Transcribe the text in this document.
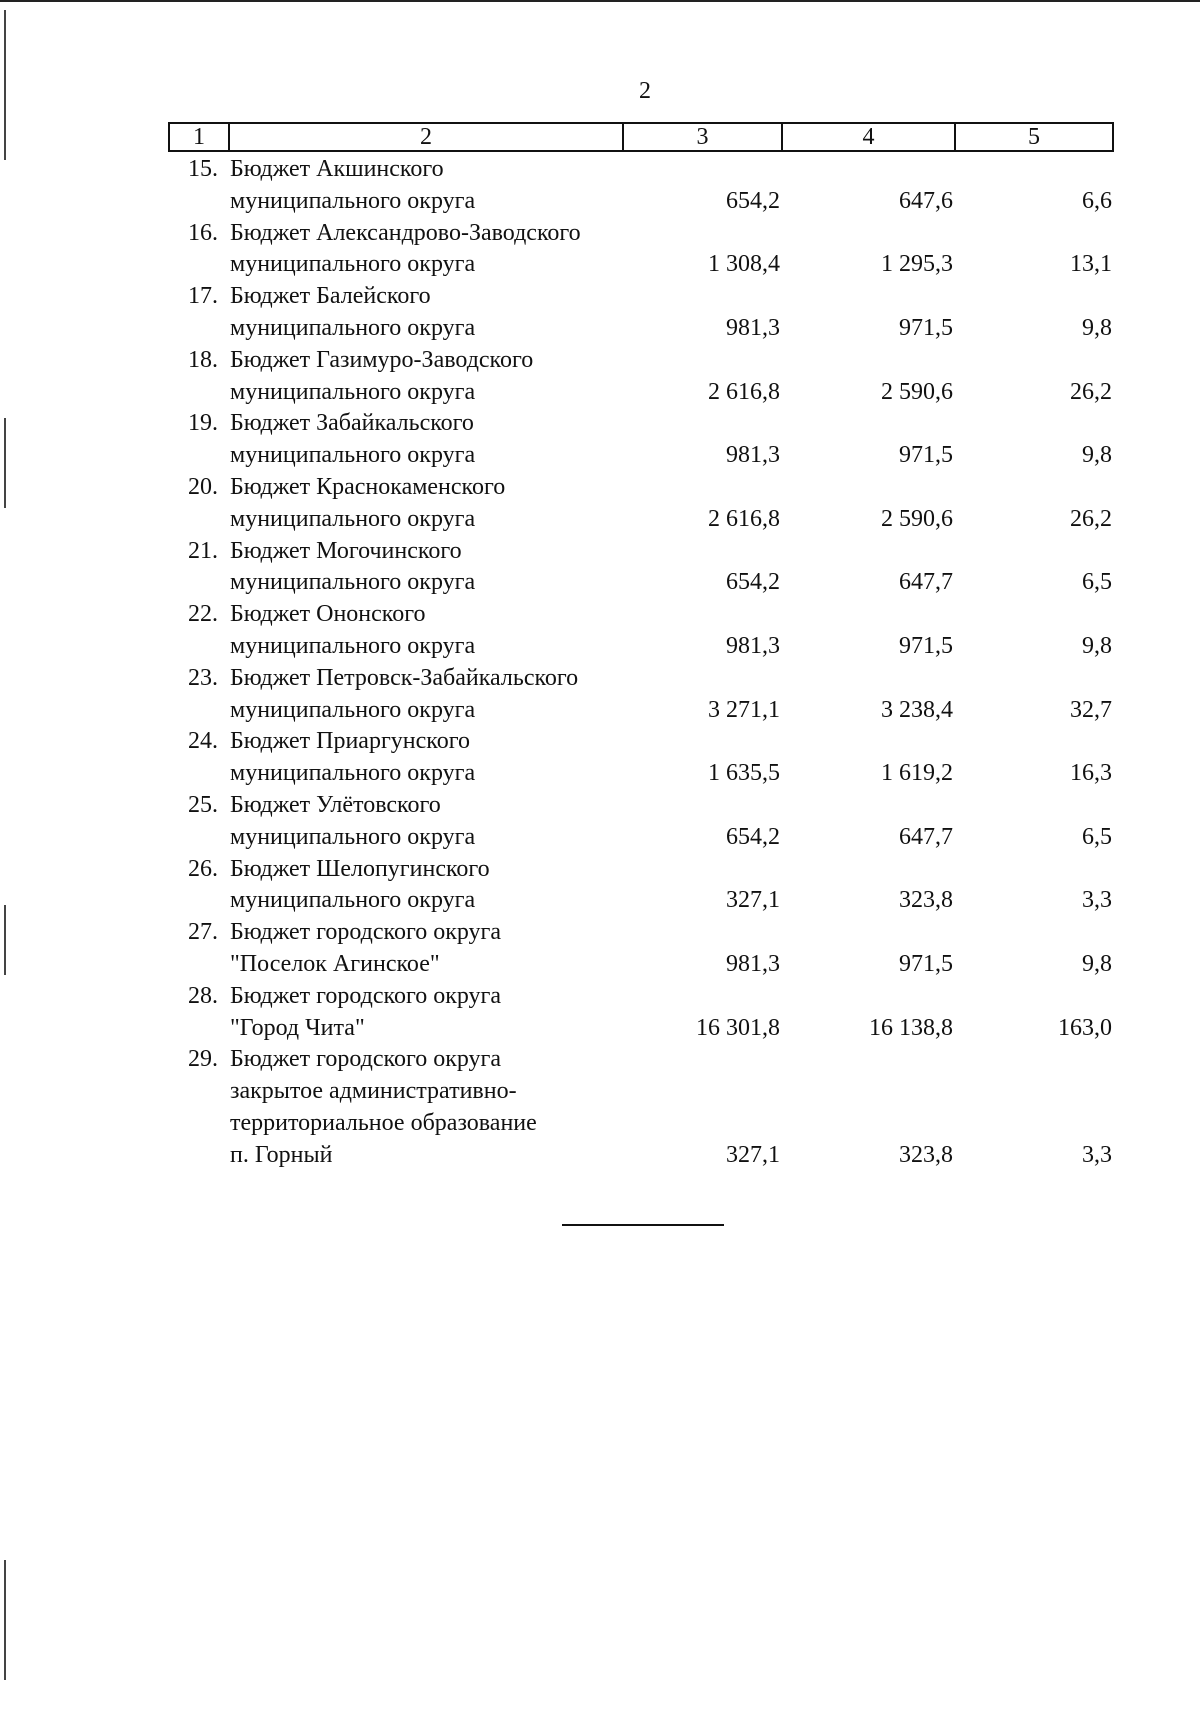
2
1	2	3	4	5
15. Бюджет Акшинского
муниципального округа	654,2	647,6	6,6
16. Бюджет Александрово-Заводского
муниципального округа	1 308,4	1 295,3	13,1
17. Бюджет Балейского
муниципального округа	981,3	971,5	9,8
18. Бюджет Газимуро-Заводского
муниципального округа	2 616,8	2 590,6	26,2
19. Бюджет Забайкальского
муниципального округа	981,3	971,5	9,8
20. Бюджет Краснокаменского
муниципального округа	2 616,8	2 590,6	26,2
21. Бюджет Могочинского
муниципального округа	654,2	647,7	6,5
22. Бюджет Ононского
муниципального округа	981,3	971,5	9,8
23. Бюджет Петровск-Забайкальского
муниципального округа	3 271,1	3 238,4	32,7
24. Бюджет Приаргунского
муниципального округа	1 635,5	1 619,2	16,3
25. Бюджет Улётовского
муниципального округа	654,2	647,7	6,5
26. Бюджет Шелопугинского
муниципального округа	327,1	323,8	3,3
27. Бюджет городского округа
"Поселок Агинское"	981,3	971,5	9,8
28. Бюджет городского округа
"Город Чита"	16 301,8	16 138,8	163,0
29. Бюджет городского округа
закрытое административно-
территориальное образование
п. Горный	327,1	323,8	3,3
